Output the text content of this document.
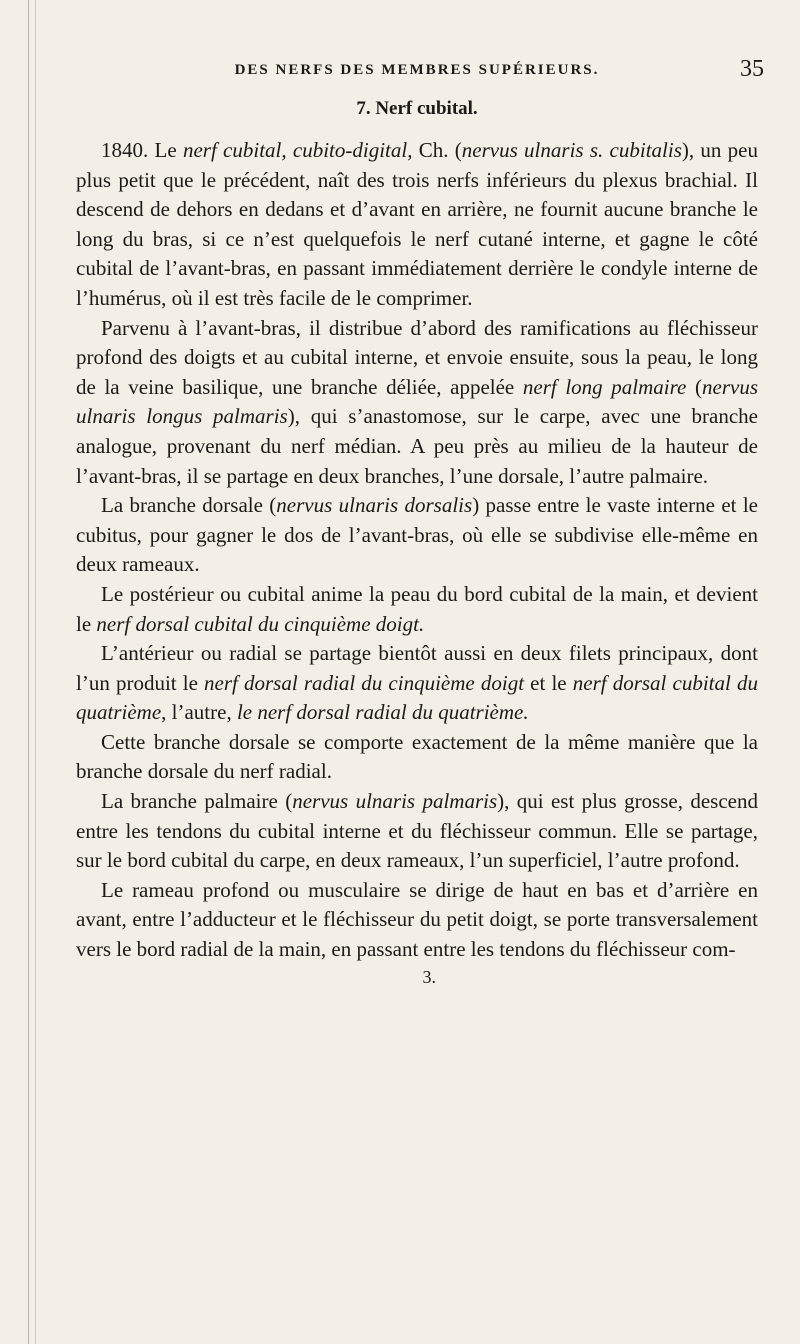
DES NERFS DES MEMBRES SUPÉRIEURS.	35
7. Nerf cubital.

1840. Le nerf cubital, cubito-digital, Ch. (nervus ulnaris s. cubitalis), un peu plus petit que le précédent, naît des trois nerfs inférieurs du plexus brachial. Il descend de dehors en dedans et d’avant en arrière, ne fournit aucune branche le long du bras, si ce n’est quelquefois le nerf cutané interne, et gagne le côté cubital de l’avant-bras, en passant immédiatement derrière le condyle interne de l’humérus, où il est très facile de le comprimer.

Parvenu à l’avant-bras, il distribue d’abord des ramifications au fléchisseur profond des doigts et au cubital interne, et envoie ensuite, sous la peau, le long de la veine basilique, une branche déliée, appelée nerf long palmaire (nervus ulnaris longus palmaris), qui s’anastomose, sur le carpe, avec une branche analogue, provenant du nerf médian. A peu près au milieu de la hauteur de l’avant-bras, il se partage en deux branches, l’une dorsale, l’autre palmaire.

La branche dorsale (nervus ulnaris dorsalis) passe entre le vaste interne et le cubitus, pour gagner le dos de l’avant-bras, où elle se subdivise elle-même en deux rameaux.

Le postérieur ou cubital anime la peau du bord cubital de la main, et devient le nerf dorsal cubital du cinquième doigt.

L’antérieur ou radial se partage bientôt aussi en deux filets principaux, dont l’un produit le nerf dorsal radial du cinquième doigt et le nerf dorsal cubital du quatrième, l’autre, le nerf dorsal radial du quatrième.

Cette branche dorsale se comporte exactement de la même manière que la branche dorsale du nerf radial.

La branche palmaire (nervus ulnaris palmaris), qui est plus grosse, descend entre les tendons du cubital interne et du fléchisseur commun. Elle se partage, sur le bord cubital du carpe, en deux rameaux, l’un superficiel, l’autre profond.

Le rameau profond ou musculaire se dirige de haut en bas et d’arrière en avant, entre l’adducteur et le fléchisseur du petit doigt, se porte transversalement vers le bord radial de la main, en passant entre les tendons du fléchisseur com-

3.
